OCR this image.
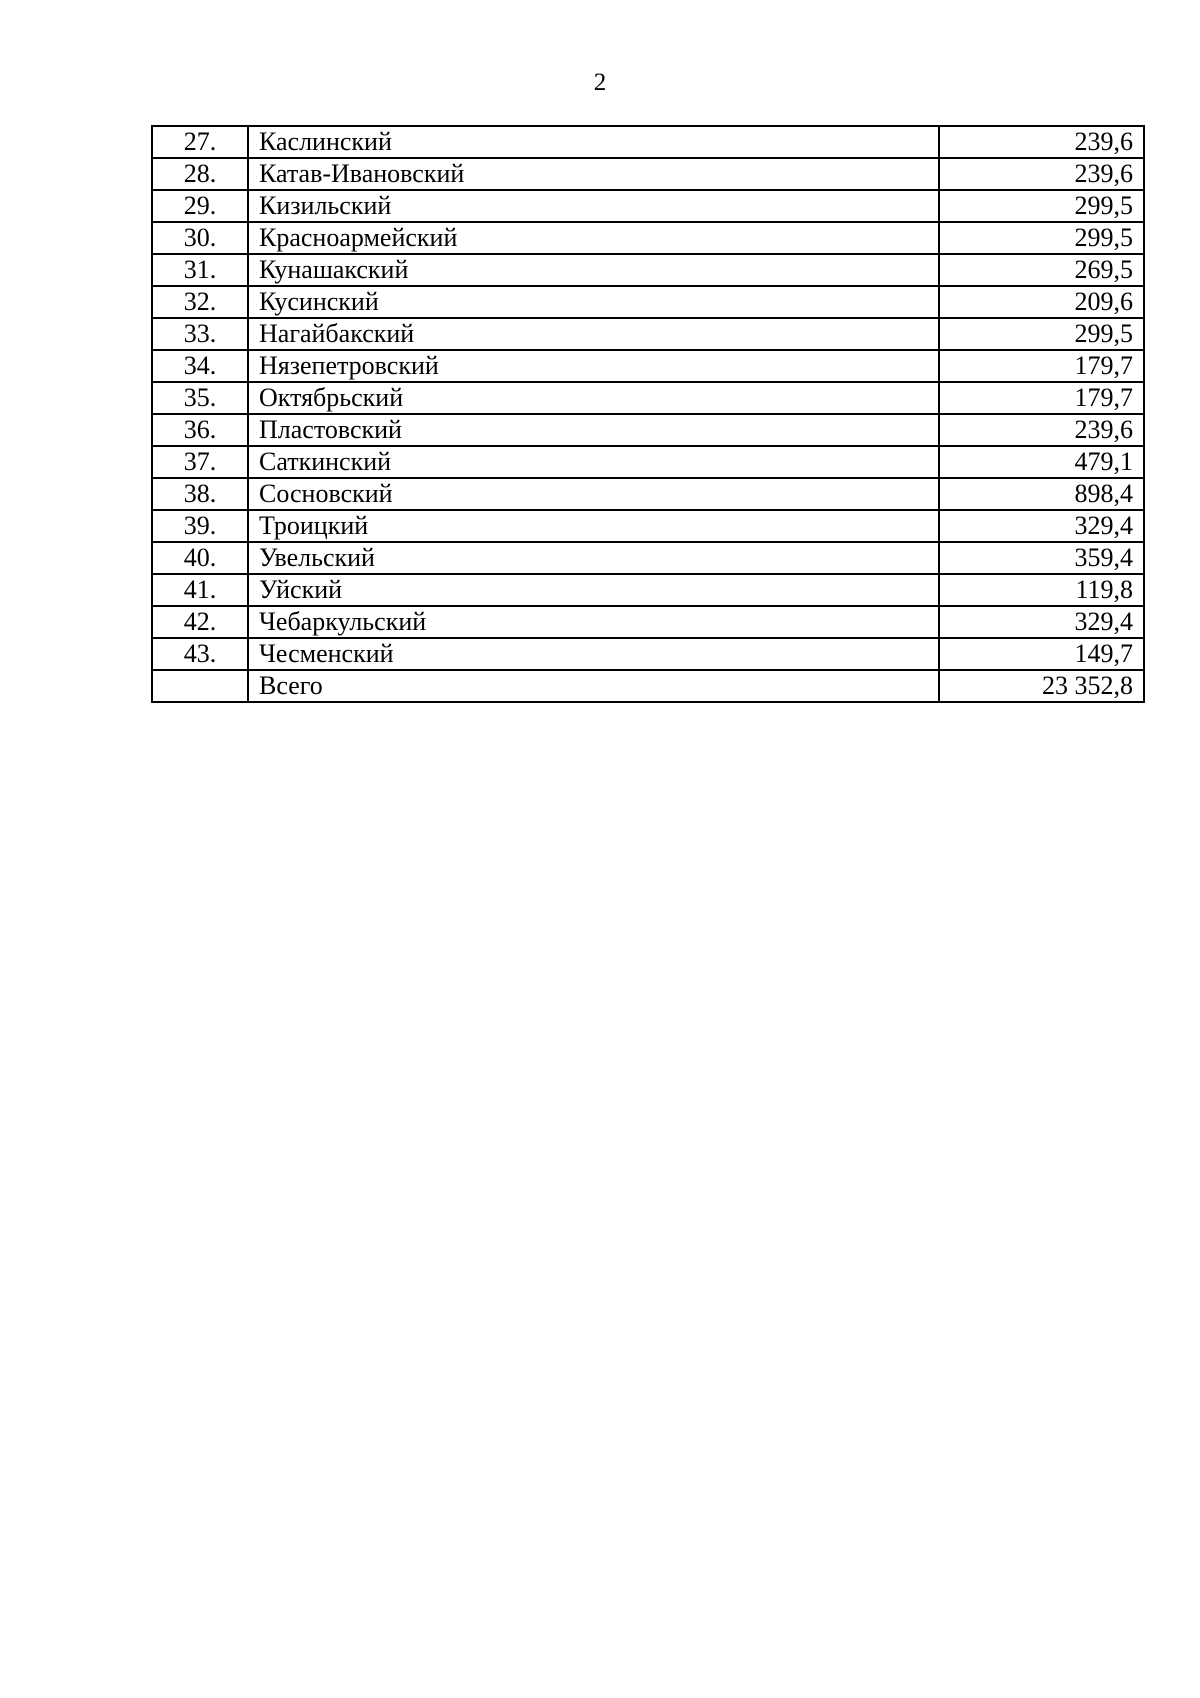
2
27.	Каслинский	239,6
28.	Катав-Ивановский	239,6
29.	Кизильский	299,5
30.	Красноармейский	299,5
31.	Кунашакский	269,5
32.	Кусинский	209,6
33.	Нагайбакский	299,5
34.	Нязепетровский	179,7
35.	Октябрьский	179,7
36.	Пластовский	239,6
37.	Саткинский	479,1
38.	Сосновский	898,4
39.	Троицкий	329,4
40.	Увельский	359,4
41.	Уйский	119,8
42.	Чебаркульский	329,4
43.	Чесменский	149,7
	Всего	23 352,8
